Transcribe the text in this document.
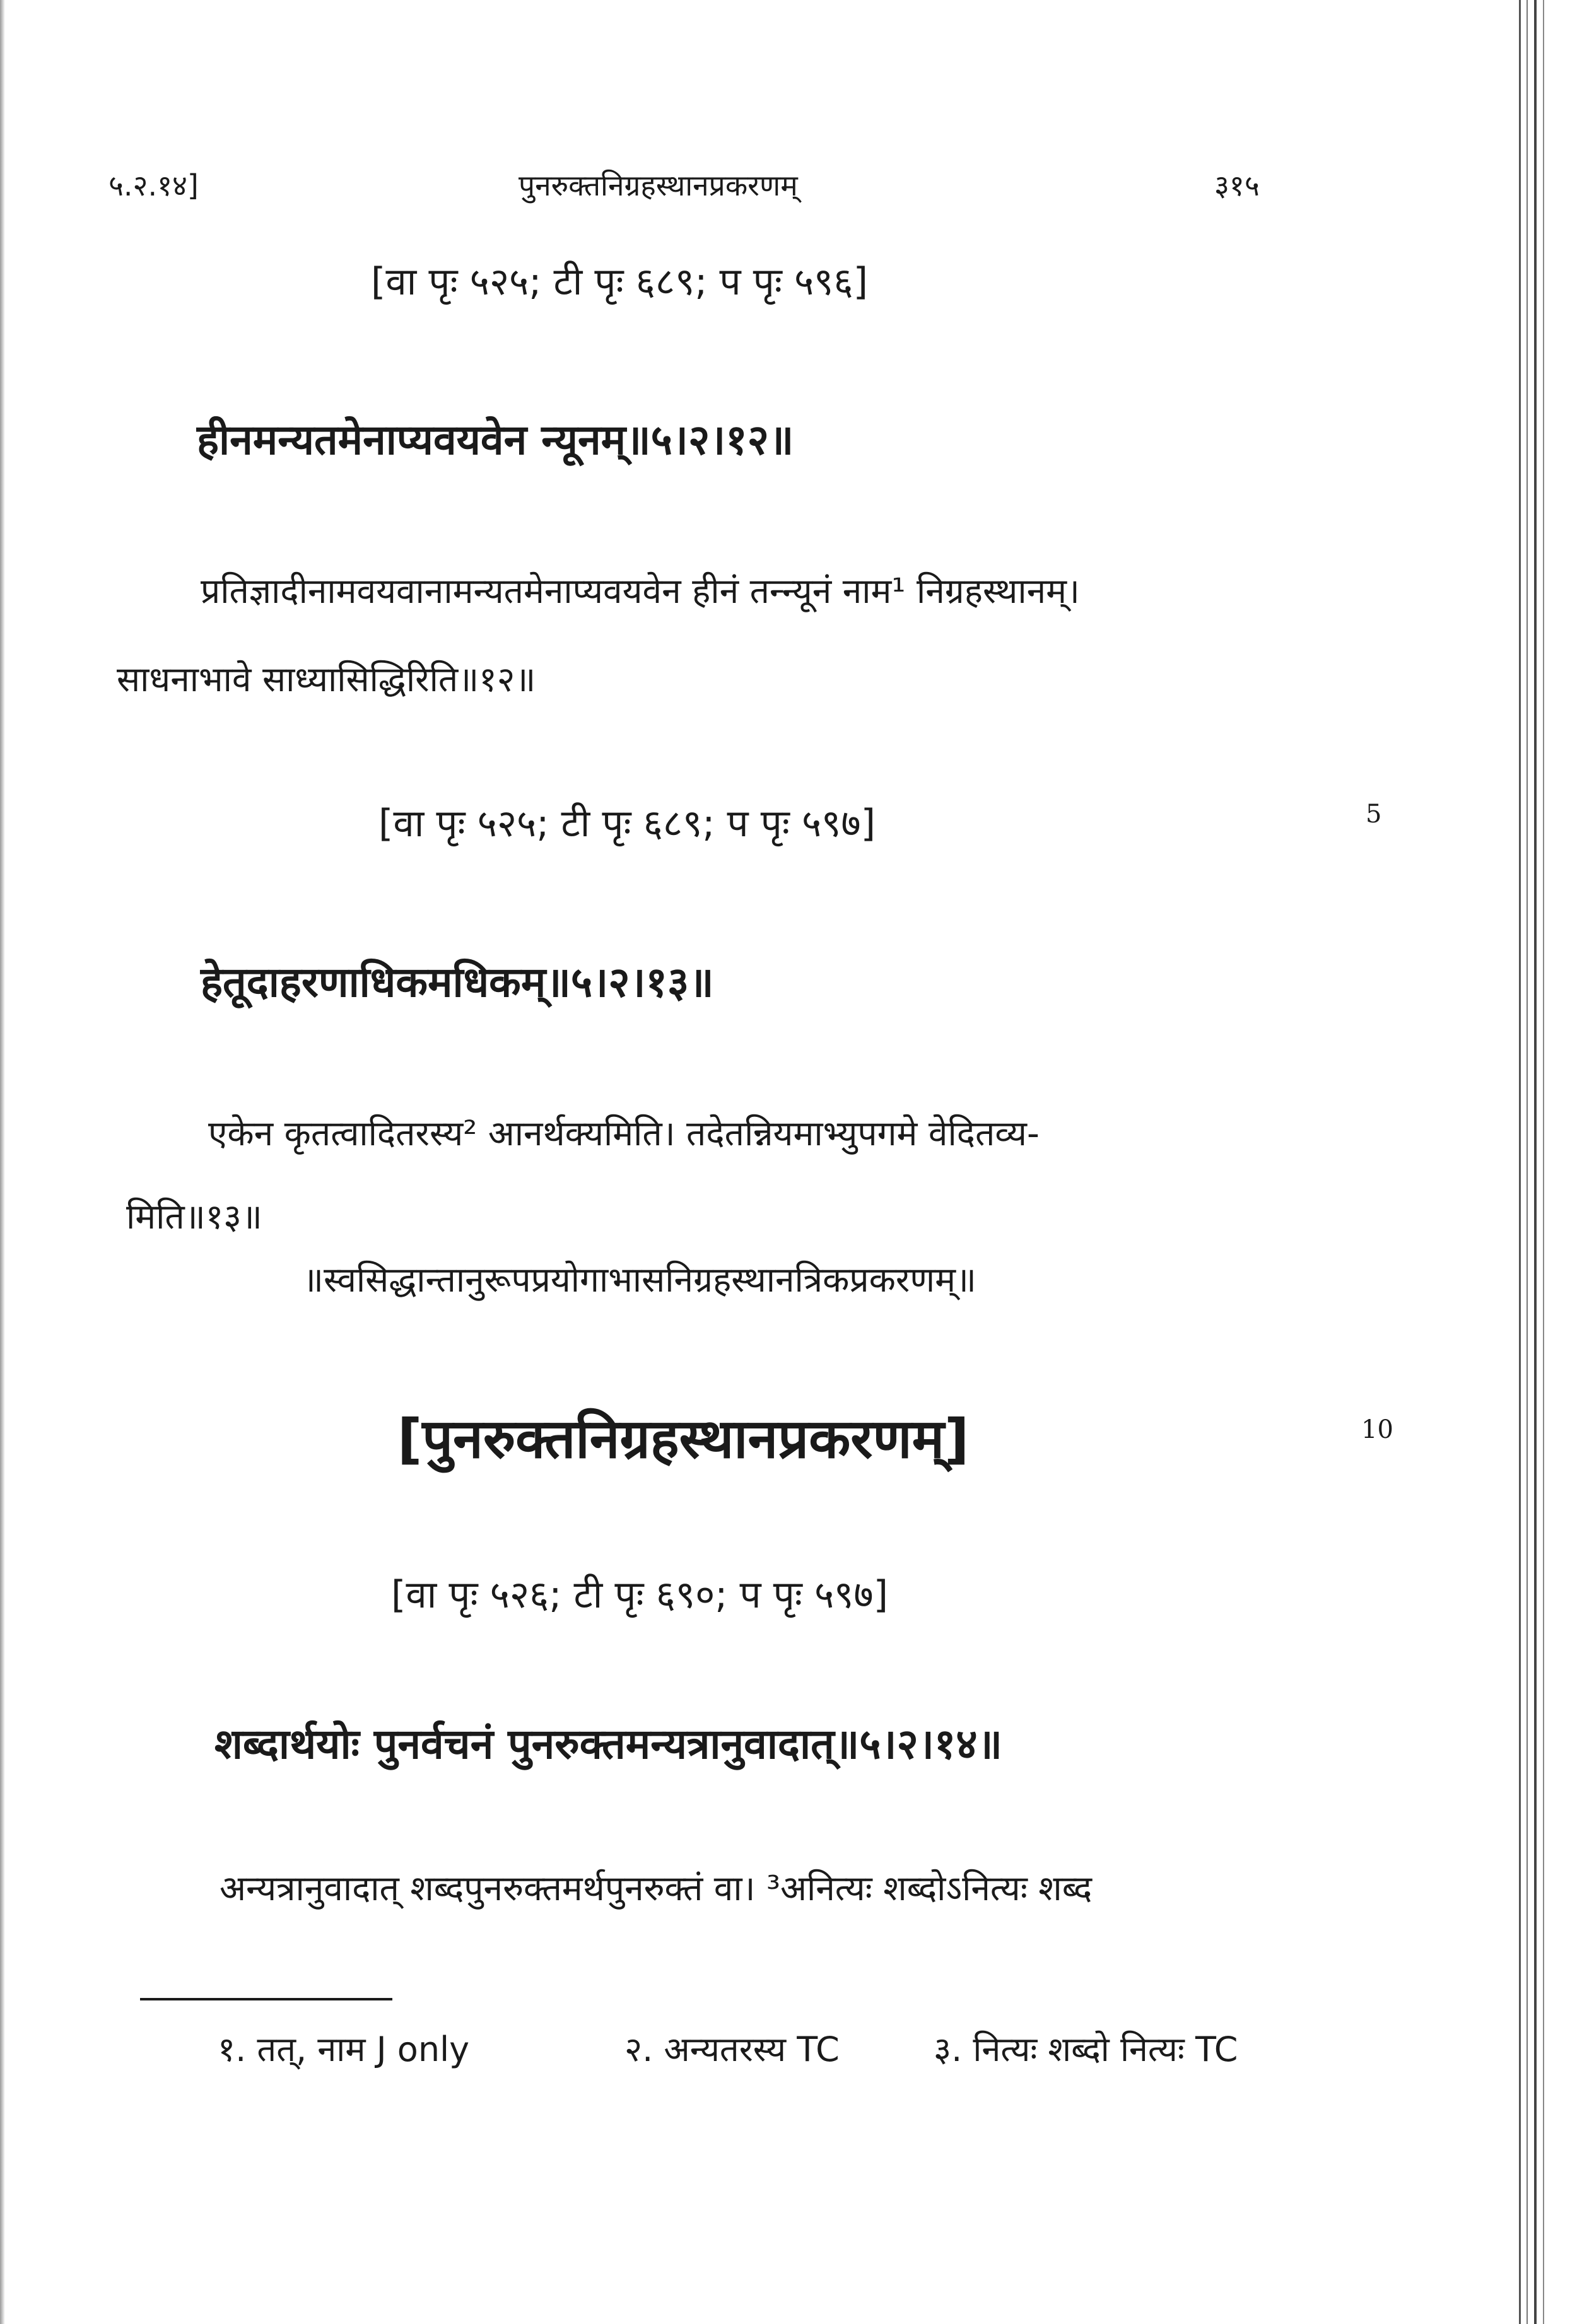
५.२.१४]	पुनरुक्तनिग्रहस्थानप्रकरणम्	३१५
[वा पृः ५२५; टी पृः ६८९; प पृः ५९६]
हीनमन्यतमेनाप्यवयवेन न्यूनम्॥५।२।१२॥
प्रतिज्ञादीनामवयवानामन्यतमेनाप्यवयवेन हीनं तन्न्यूनं नाम¹ निग्रहस्थानम्।
साधनाभावे साध्यासिद्धिरिति॥१२॥
[वा पृः ५२५; टी पृः ६८९; प पृः ५९७]	5
हेतूदाहरणाधिकमधिकम्॥५।२।१३॥
एकेन कृतत्वादितरस्य² आनर्थक्यमिति। तदेतन्नियमाभ्युपगमे वेदितव्य-
मिति॥१३॥
॥स्वसिद्धान्तानुरूपप्रयोगाभासनिग्रहस्थानत्रिकप्रकरणम्॥
[पुनरुक्तनिग्रहस्थानप्रकरणम्]	10
[वा पृः ५२६; टी पृः ६९०; प पृः ५९७]
शब्दार्थयोः पुनर्वचनं पुनरुक्तमन्यत्रानुवादात्॥५।२।१४॥
अन्यत्रानुवादात् शब्दपुनरुक्तमर्थपुनरुक्तं वा। ³अनित्यः शब्दोऽनित्यः शब्द
१. तत्, नाम J only	२. अन्यतरस्य TC	३. नित्यः शब्दो नित्यः TC
